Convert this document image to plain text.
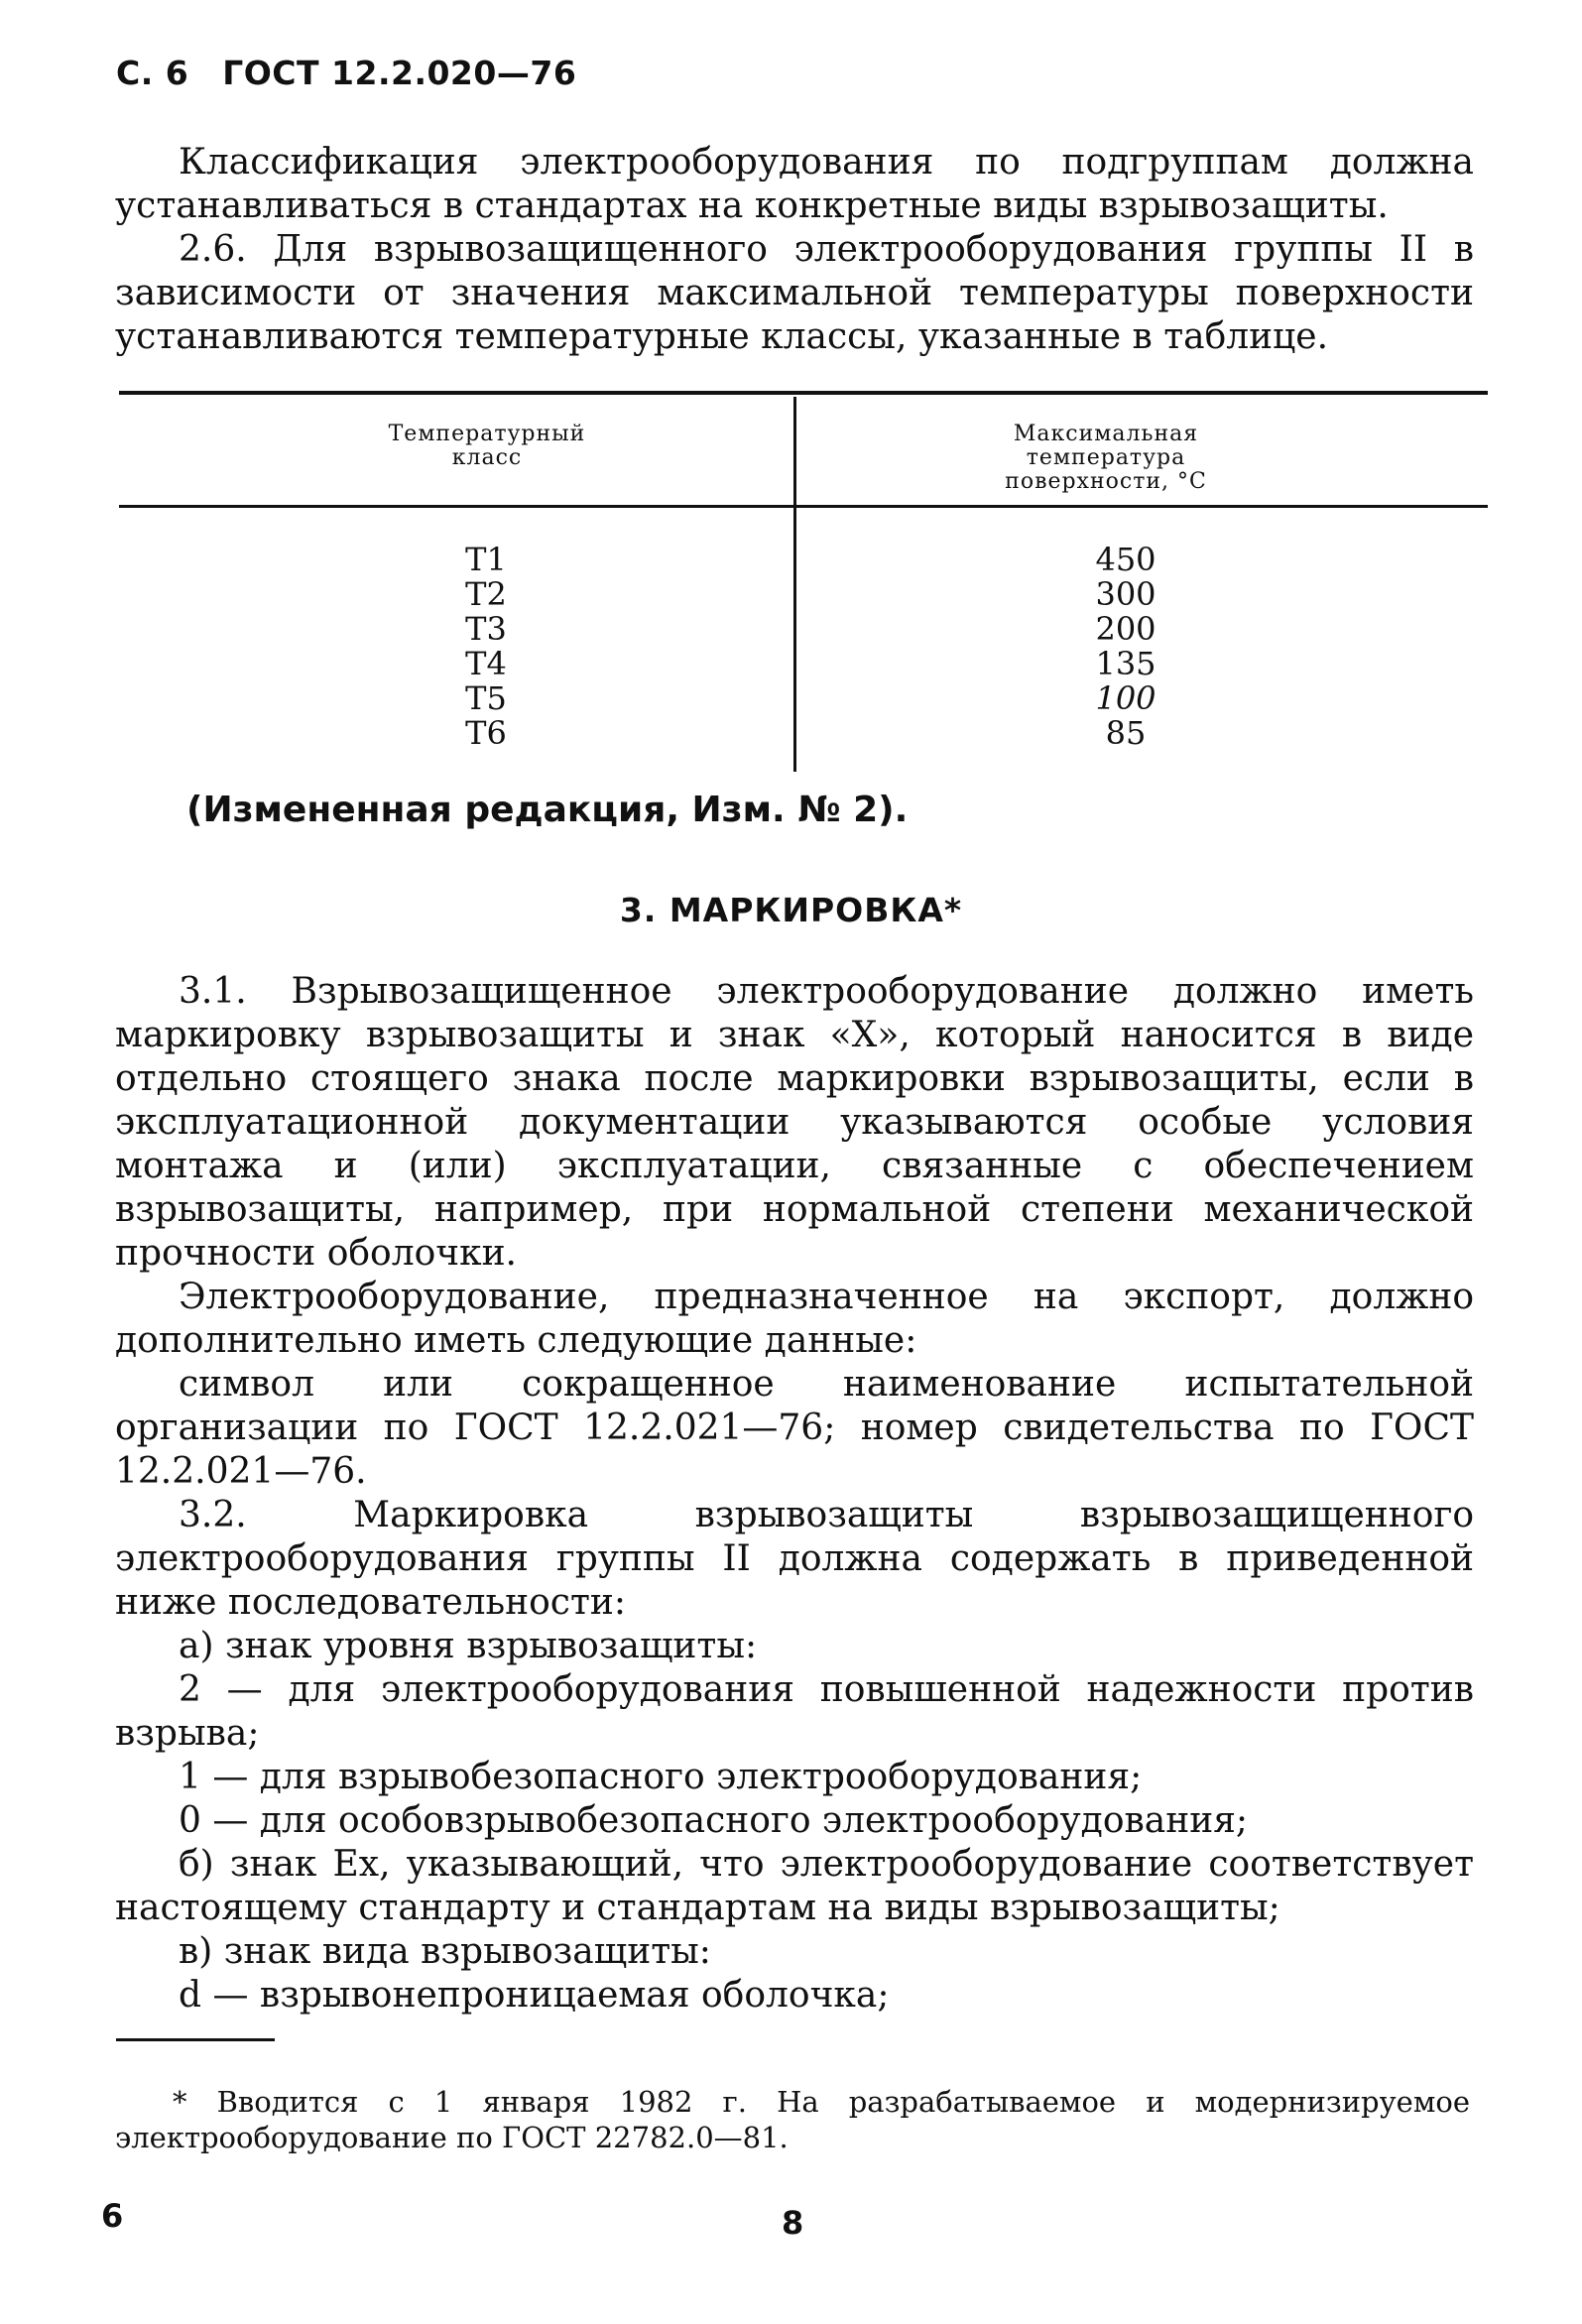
С. 6 ГОСТ 12.2.020—76
Классификация электрооборудования по подгруппам должна устанавливаться в стандартах на конкретные виды взрывозащиты.
2.6. Для взрывозащищенного электрооборудования группы II в зависимости от значения максимальной температуры поверхности устанавливаются температурные классы, указанные в таблице.
Температурный класс
Максимальная температура поверхности, °С
Т1
Т2
Т3
Т4
Т5
Т6
450
300
200
135
100
85
(Измененная редакция, Изм. № 2).
3. МАРКИРОВКА*

3.1. Взрывозащищенное электрооборудование должно иметь маркировку взрывозащиты и знак «X», который наносится в виде отдельно стоящего знака после маркировки взрывозащиты, если в эксплуатационной документации указываются особые условия монтажа и (или) эксплуатации, связанные с обеспечением взрывозащиты, например, при нормальной степени механической прочности оболочки.

Электрооборудование, предназначенное на экспорт, должно дополнительно иметь следующие данные:

символ или сокращенное наименование испытательной организации по ГОСТ 12.2.021—76; номер свидетельства по ГОСТ 12.2.021—76.

3.2. Маркировка взрывозащиты взрывозащищенного электрооборудования группы II должна содержать в приведенной ниже последовательности:

а) знак уровня взрывозащиты:

2 — для электрооборудования повышенной надежности против взрыва;

1 — для взрывобезопасного электрооборудования;

0 — для особовзрывобезопасного электрооборудования;

б) знак Ex, указывающий, что электрооборудование соответствует настоящему стандарту и стандартам на виды взрывозащиты;

в) знак вида взрывозащиты:

d — взрывонепроницаемая оболочка;

* Вводится с 1 января 1982 г. На разрабатываемое и модернизируемое электрооборудование по ГОСТ 22782.0—81.
6	8
